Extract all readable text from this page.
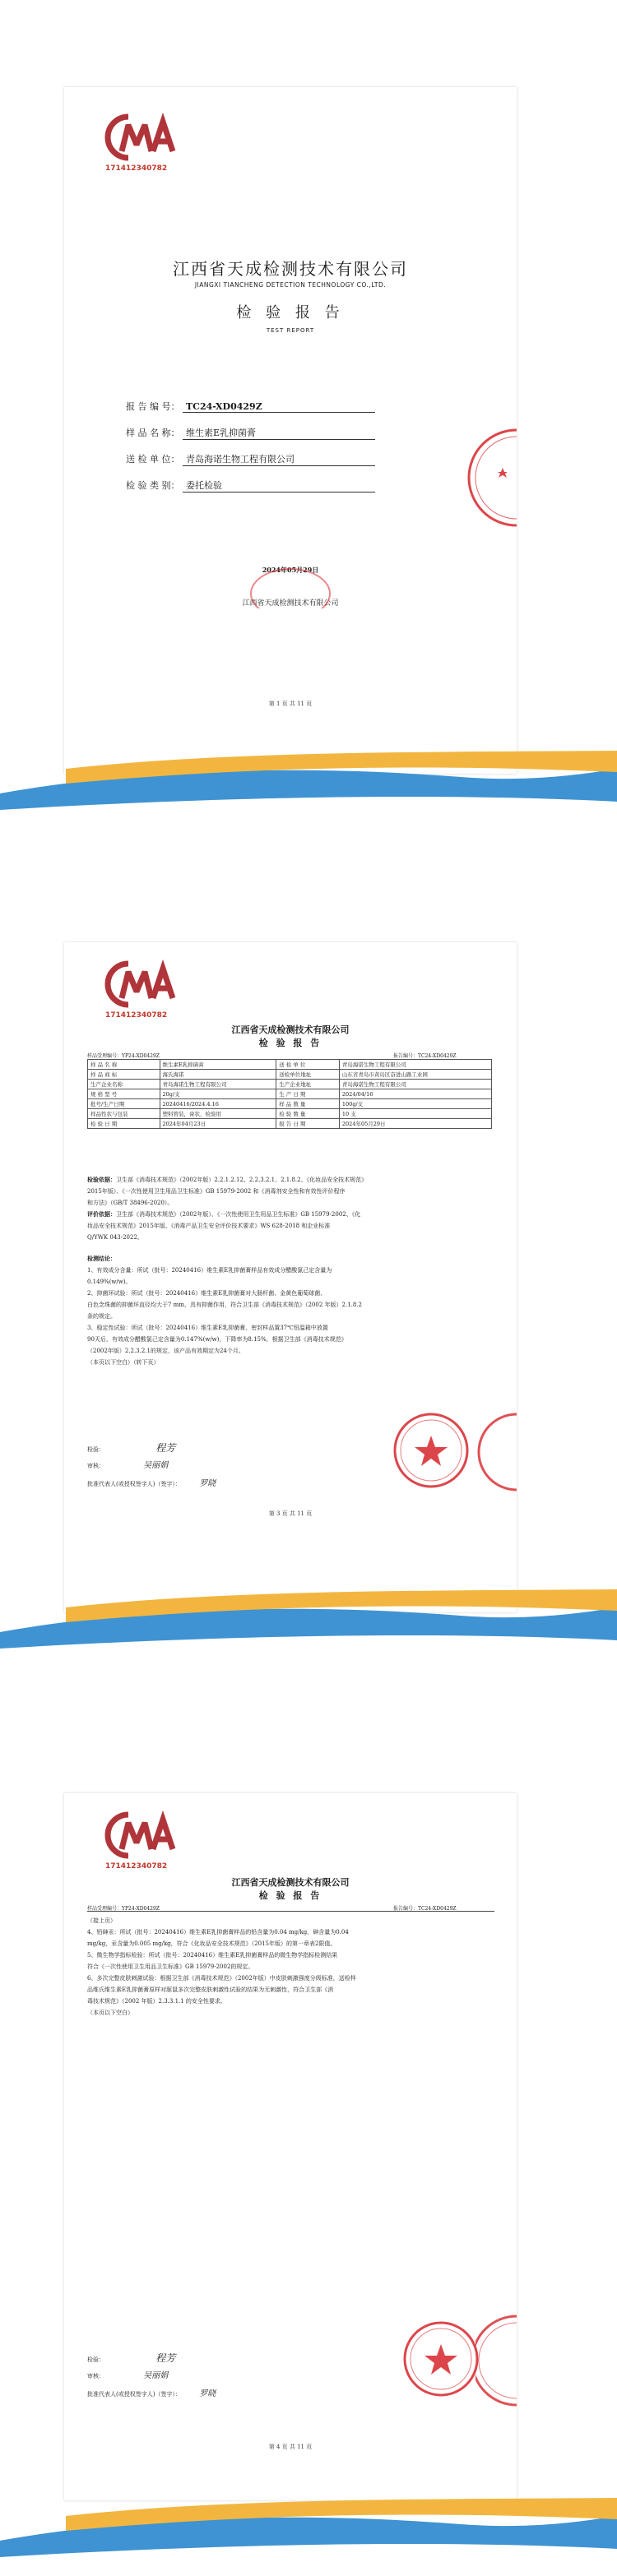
171412340782
江西省天成检测技术有限公司
JIANGXI TIANCHENG DETECTION TECHNOLOGY CO.,LTD.
检 验 报 告
TEST REPORT
报 告 编 号： TC24-XD0429Z
样 品 名 称： 维生素E乳抑菌膏
送 检 单 位： 青岛海诺生物工程有限公司
检 验 类 别： 委托检验
2024年05月29日
江西省天成检测技术有限公司
第 1 页 共 11 页
171412340782
江西省天成检测技术有限公司
检 验 报 告
样品受理编号：YP24-XD0429Z	报告编号：TC24-XD0429Z
样 品 名 称	维生素E乳抑菌膏	送 检 单 位	青岛海诺生物工程有限公司
样 品 商 标	海氏海诺	送检单位地址	山东省青岛市黄岛区奋进山路工业园
生产企业名称	青岛海诺生物工程有限公司	生产企业地址	青岛海诺生物工程有限公司
规 格 型 号	20g/支	生 产 日 期	2024/04/16
批号/生产日期	20240416/2024.4.16	样 品 数 量	100g/支
样品性状与包装	塑料管装，膏状，检验用	检 验 数 量	10 支
检 验 日 期	2024年04月23日	报 告 日 期	2024年05月29日
检验依据：卫生部《消毒技术规范》（2002年版）2.2.1.2.12、2.2.3.2.1、2.1.8.2、《化妆品安全技术规范》
2015年版）、《一次性使用卫生用品卫生标准》GB 15979-2002 和《消毒剂安全性和有效性评价程序
和方法》（GB/T 38496-2020）。
评价依据：卫生部《消毒技术规范》（2002年版）、《一次性使用卫生用品卫生标准》GB 15979-2002、《化
妆品安全技术规范》2015年版、《消毒产品卫生安全评价技术要求》WS 628-2018 和企业标准
Q/YWK 043-2022。
检测结论：
1、有效成分含量：所试（批号：20240416）维生素E乳抑菌膏样品有效成分醋酸氯己定含量为
0.149%(w/w)。
2、抑菌环试验：所试（批号：20240416）维生素E乳抑菌膏对大肠杆菌、金黄色葡萄球菌、
白色念珠菌的抑菌环直径均大于7 mm，具有抑菌作用，符合卫生部《消毒技术规范》（2002 年版）2.1.8.2
条的规定。
3、稳定性试验：所试（批号：20240416）维生素E乳抑菌膏，密封样品置37℃恒温箱中放置
90天后，有效成分醋酸氯己定含量为0.147%(w/w)，下降率为8.15%，根据卫生部《消毒技术规范》
（2002年版）2.2.3.2.1的规定，该产品有效期定为24个月。
（本页以下空白）（转下页）
检验：	程芳
审核：	吴丽娟
批准代表人(或授权签字人)（签字）： 罗晓
第 3 页 共 11 页
171412340782
江西省天成检测技术有限公司
检 验 报 告
样品受理编号：YP24-XD0429Z	报告编号：TC24-XD0429Z
（接上页）
4、铅砷汞：所试（批号：20240416）维生素E乳抑菌膏样品的铅含量为0.04 mg/kg，砷含量为0.04
mg/kg，汞含量为0.005 mg/kg，符合《化妆品安全技术规范》（2015年版）的第一章表2限值。
5、微生物学指标检验：所试（批号：20240416）维生素E乳抑菌膏样品的微生物学指标检测结果
符合《一次性使用卫生用品卫生标准》GB 15979-2002的规定。
6、多次完整皮肤刺激试验：根据卫生部《消毒技术规范》（2002年版）中皮肤刺激强度分级标准，送检样
品维氏维生素E乳抑菌膏原样对豚鼠多次完整皮肤刺激性试验的结果为无刺激性，符合卫生部《消
毒技术规范》（2002 年版）2.3.3.1.1 的安全性要求。
（本页以下空白）
检验：	程芳
审核：	吴丽娟
批准代表人(或授权签字人)（签字）： 罗晓
第 4 页 共 11 页
